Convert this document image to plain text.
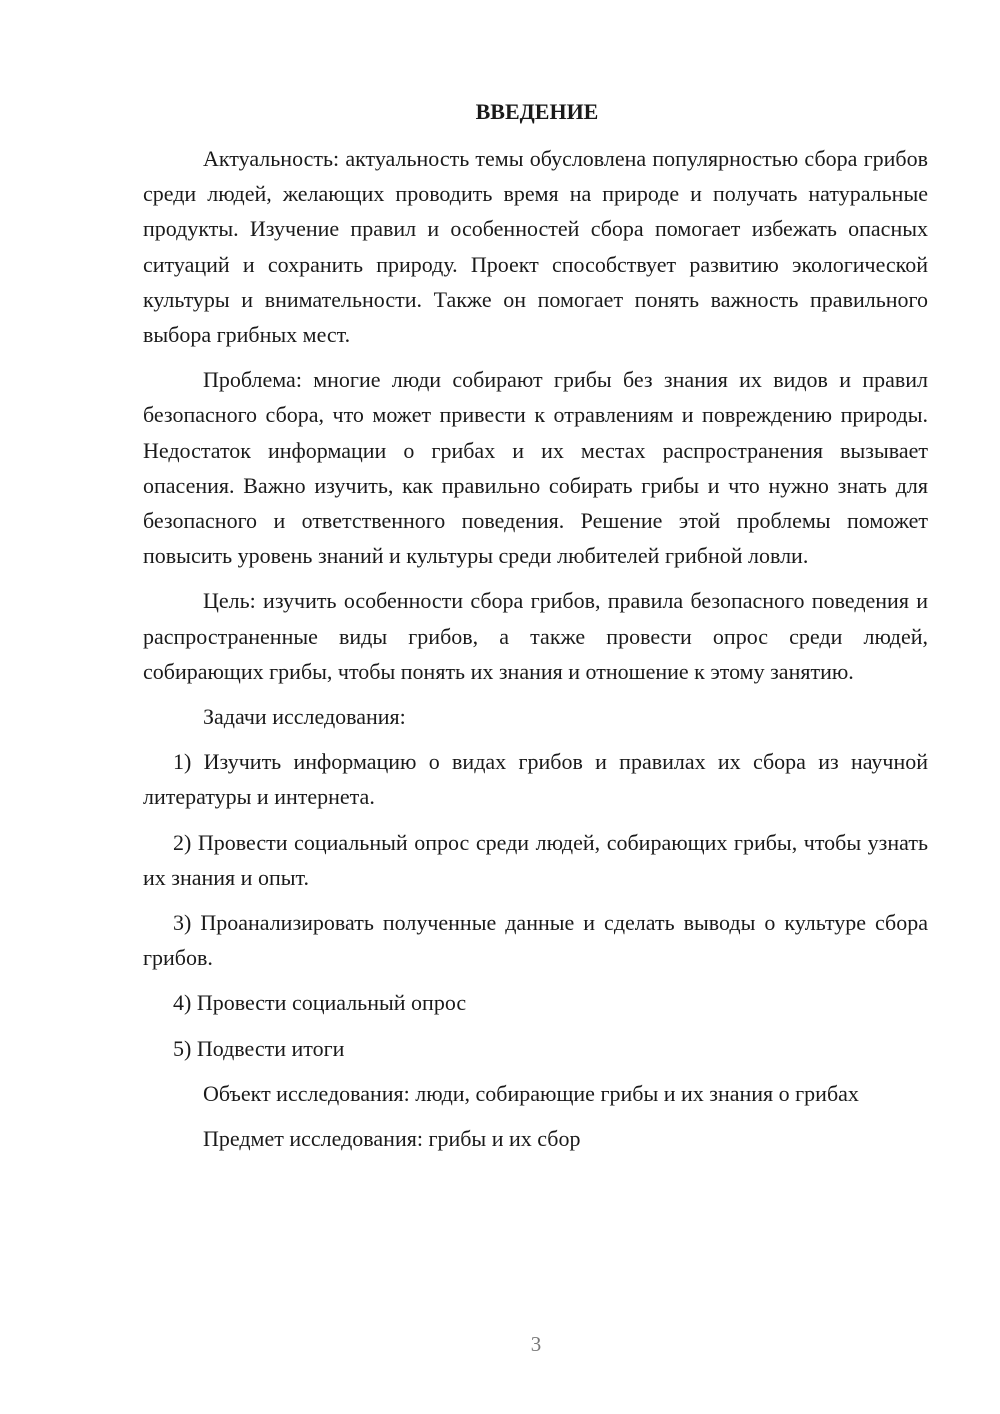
ВВЕДЕНИЕ

Актуальность: актуальность темы обусловлена популярностью сбора грибов среди людей, желающих проводить время на природе и получать натуральные продукты. Изучение правил и особенностей сбора помогает избежать опасных ситуаций и сохранить природу. Проект способствует развитию экологической культуры и внимательности. Также он помогает понять важность правильного выбора грибных мест.

Проблема: многие люди собирают грибы без знания их видов и правил безопасного сбора, что может привести к отравлениям и повреждению природы. Недостаток информации о грибах и их местах распространения вызывает опасения. Важно изучить, как правильно собирать грибы и что нужно знать для безопасного и ответственного поведения. Решение этой проблемы поможет повысить уровень знаний и культуры среди любителей грибной ловли.

Цель: изучить особенности сбора грибов, правила безопасного поведения и распространенные виды грибов, а также провести опрос среди людей, собирающих грибы, чтобы понять их знания и отношение к этому занятию.

Задачи исследования:

1) Изучить информацию о видах грибов и правилах их сбора из научной литературы и интернета.

2) Провести социальный опрос среди людей, собирающих грибы, чтобы узнать их знания и опыт.

3) Проанализировать полученные данные и сделать выводы о культуре сбора грибов.

4) Провести социальный опрос

5) Подвести итоги

Объект исследования: люди, собирающие грибы и их знания о грибах

Предмет исследования: грибы и их сбор

3
